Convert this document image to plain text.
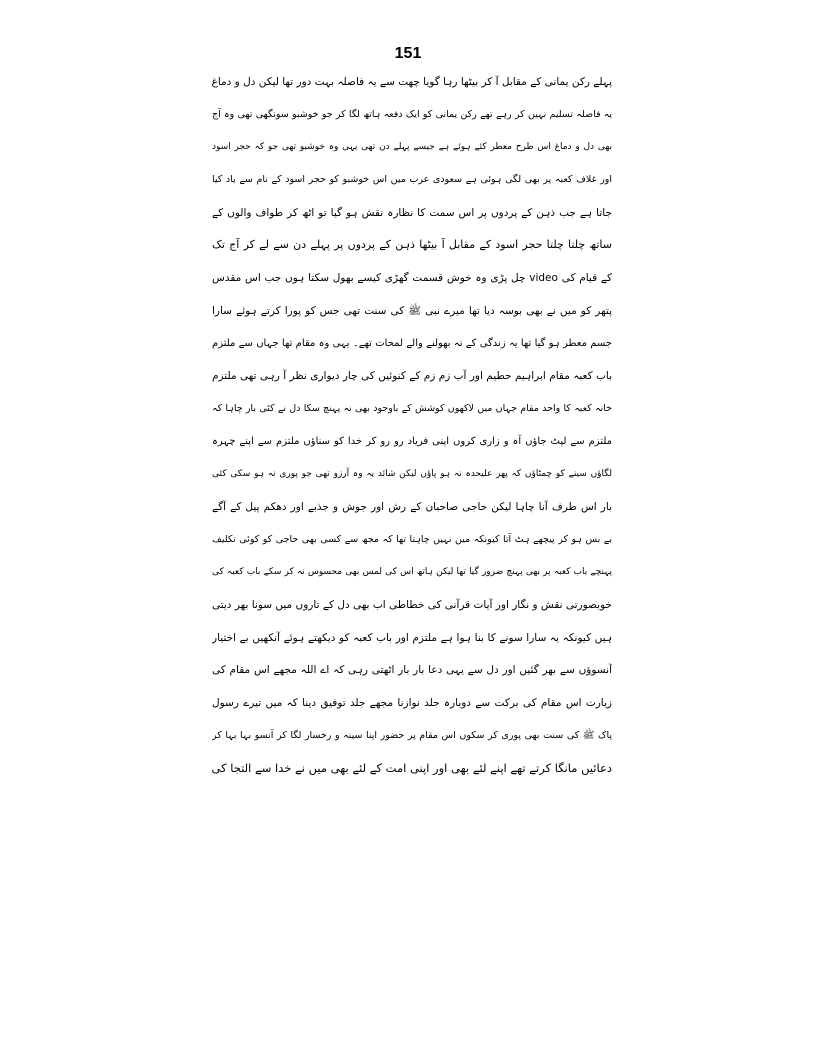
151
پہلے رکن یمانی کے مقابل آ کر بیٹھا رہا گویا چھت سے یہ فاصلہ بہت دور تھا لیکن دل و دماغ
یہ فاصلہ تسلیم نہیں کر رہے تھے رکن یمانی کو ایک دفعہ ہاتھ لگا کر جو خوشبو سونگھی تھی وہ آج
بھی دل و دماغ اس طرح معطر کئے ہوئے ہے جیسے پہلے دن تھی یہی وہ خوشبو تھی جو کہ حجر اسود
اور غلاف کعبہ پر بھی لگی ہوئی ہے سعودی عرب میں اس خوشبو کو حجر اسود کے نام سے یاد کیا
جاتا ہے جب ذہن کے پردوں پر اس سمت کا نظارہ نقش ہو گیا تو اٹھ کر طواف والوں کے
ساتھ چلتا چلتا حجر اسود کے مقابل آ بیٹھا ذہن کے پردوں پر پہلے دن سے لے کر آج تک
کے قیام کی video چل پڑی وہ خوش قسمت گھڑی کیسے بھول سکتا ہوں جب اس مقدس
پتھر کو میں نے بھی بوسہ دیا تھا میرے نبی ﷺ کی سنت تھی جس کو پورا کرتے ہوئے سارا
جسم معطر ہو گیا تھا یہ زندگی کے نہ بھولنے والے لمحات تھے۔ یہی وہ مقام تھا جہاں سے ملتزم
باب کعبہ مقام ابراہیم حطیم اور آب زم زم کے کنوئیں کی چار دیواری نظر آ رہی تھی ملتزم
خانہ کعبہ کا واحد مقام جہاں میں لاکھوں کوشش کے باوجود بھی نہ پہنچ سکا دل نے کئی بار چاہا کہ
ملتزم سے لپٹ جاؤں آہ و زاری کروں اپنی فریاد رو رو کر خدا کو سناؤں ملتزم سے اپنے چہرہ
لگاؤں سینے کو چمٹاؤں کہ پھر علیحدہ نہ ہو پاؤں لیکن شائد یہ وہ آرزو تھی جو پوری نہ ہو سکی کئی
بار اس طرف آنا چاہا لیکن حاجی صاحبان کے رش اور جوش و جذبے اور دھکم پیل کے آگے
بے بس ہو کر پیچھے ہٹ آتا کیونکہ میں نہیں چاہتا تھا کہ مجھ سے کسی بھی حاجی کو کوئی تکلیف
پہنچے باب کعبہ پر بھی پہنچ ضرور گیا تھا لیکن ہاتھ اس کی لمس بھی محسوس نہ کر سکے باب کعبہ کی
خوبصورتی نقش و نگار اور آیات قرآنی کی خطاطی اب بھی دل کے تاروں میں سونا بھر دیتی
ہیں کیونکہ یہ سارا سونے کا بنا ہوا ہے ملتزم اور باب کعبہ کو دیکھتے ہوئے آنکھیں بے اختیار
آنسوؤں سے بھر گئیں اور دل سے یہی دعا بار بار اٹھتی رہی کہ اے اللہ مجھے اس مقام کی
زیارت اس مقام کی برکت سے دوبارہ جلد نوازنا مجھے جلد توفیق دینا کہ میں تیرے رسول
پاک ﷺ کی سنت بھی پوری کر سکوں اس مقام پر حضور اپنا سینہ و رخسار لگا کر آنسو بہا بہا کر
دعائیں مانگا کرتے تھے اپنے لئے بھی اور اپنی امت کے لئے بھی میں نے خدا سے التجا کی
